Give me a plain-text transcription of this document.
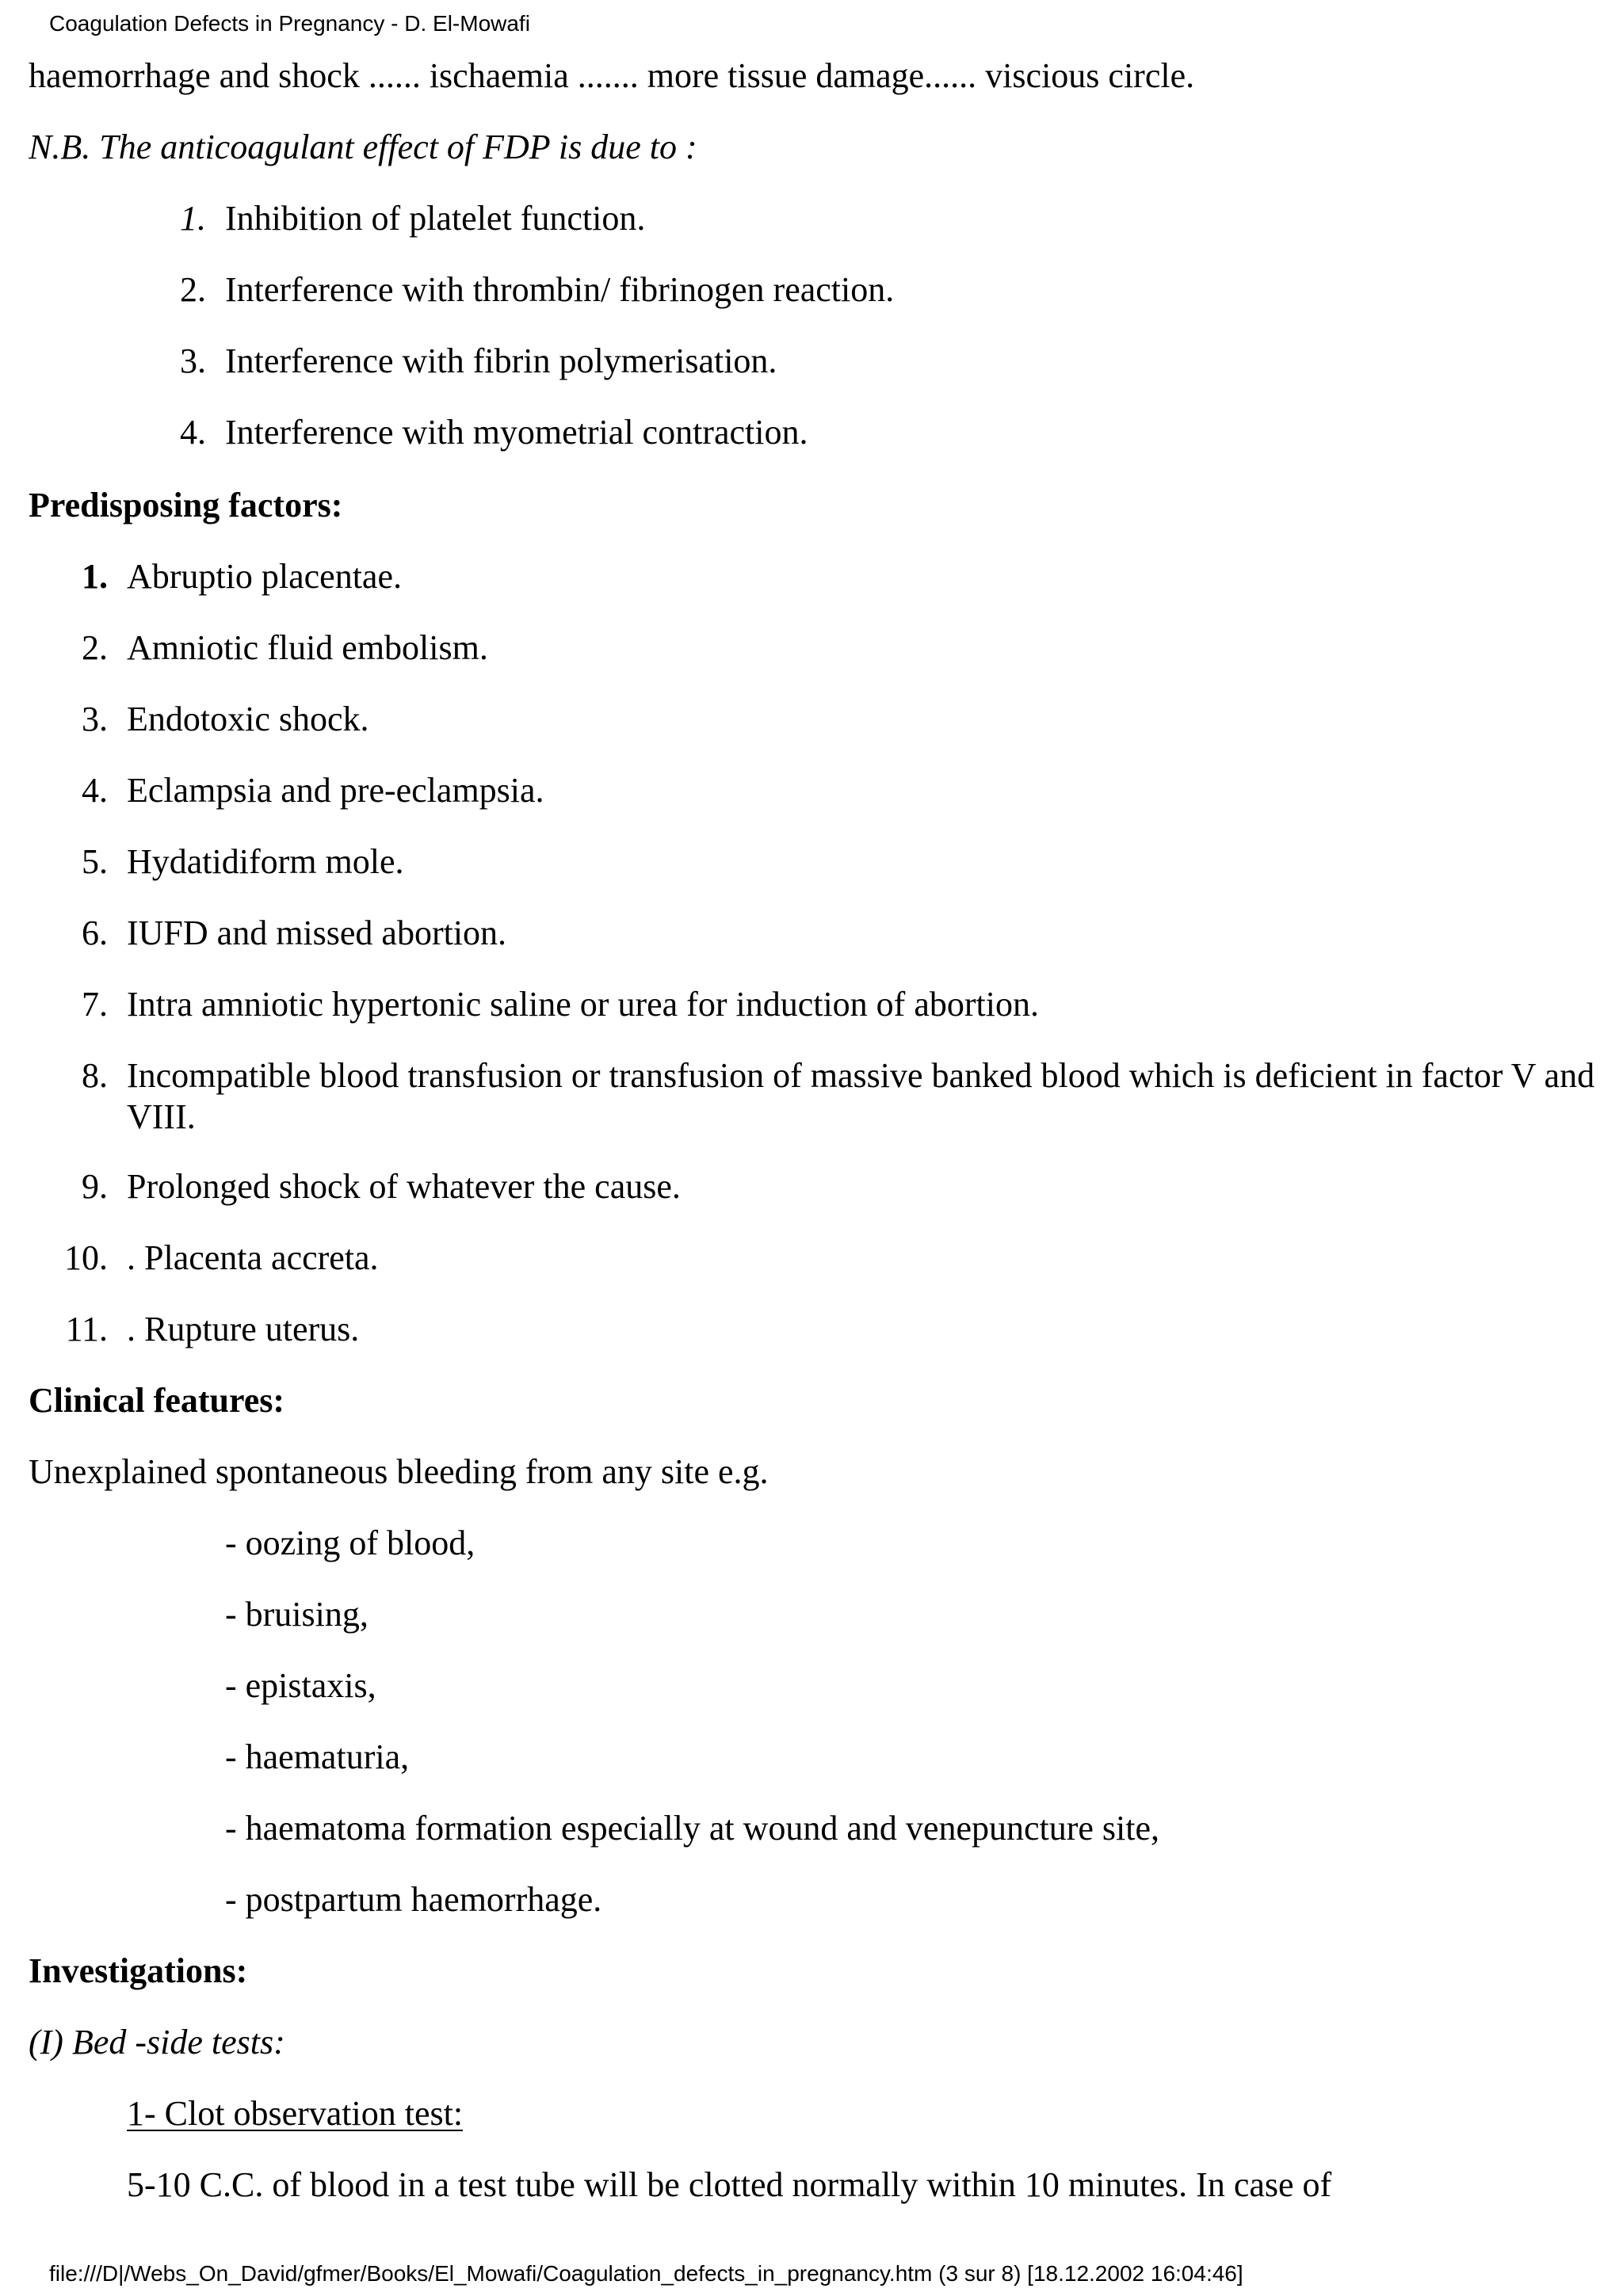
Coagulation Defects in Pregnancy - D. El-Mowafi
haemorrhage and shock ...... ischaemia ....... more tissue damage...... viscious circle.
N.B. The anticoagulant effect of FDP is due to :
1. Inhibition of platelet function.
2. Interference with thrombin/ fibrinogen reaction.
3. Interference with fibrin polymerisation.
4. Interference with myometrial contraction.
Predisposing factors:
1. Abruptio placentae.
2. Amniotic fluid embolism.
3. Endotoxic shock.
4. Eclampsia and pre-eclampsia.
5. Hydatidiform mole.
6. IUFD and missed abortion.
7. Intra amniotic hypertonic saline or urea for induction of abortion.
8. Incompatible blood transfusion or transfusion of massive banked blood which is deficient in factor V and VIII.
9. Prolonged shock of whatever the cause.
10. . Placenta accreta.
11. . Rupture uterus.
Clinical features:
Unexplained spontaneous bleeding from any site e.g.
- oozing of blood,
- bruising,
- epistaxis,
- haematuria,
- haematoma formation especially at wound and venepuncture site,
- postpartum haemorrhage.
Investigations:
(I) Bed -side tests:
1- Clot observation test:
5-10 C.C. of blood in a test tube will be clotted normally within 10 minutes. In case of
file:///D|/Webs_On_David/gfmer/Books/El_Mowafi/Coagulation_defects_in_pregnancy.htm (3 sur 8) [18.12.2002 16:04:46]
